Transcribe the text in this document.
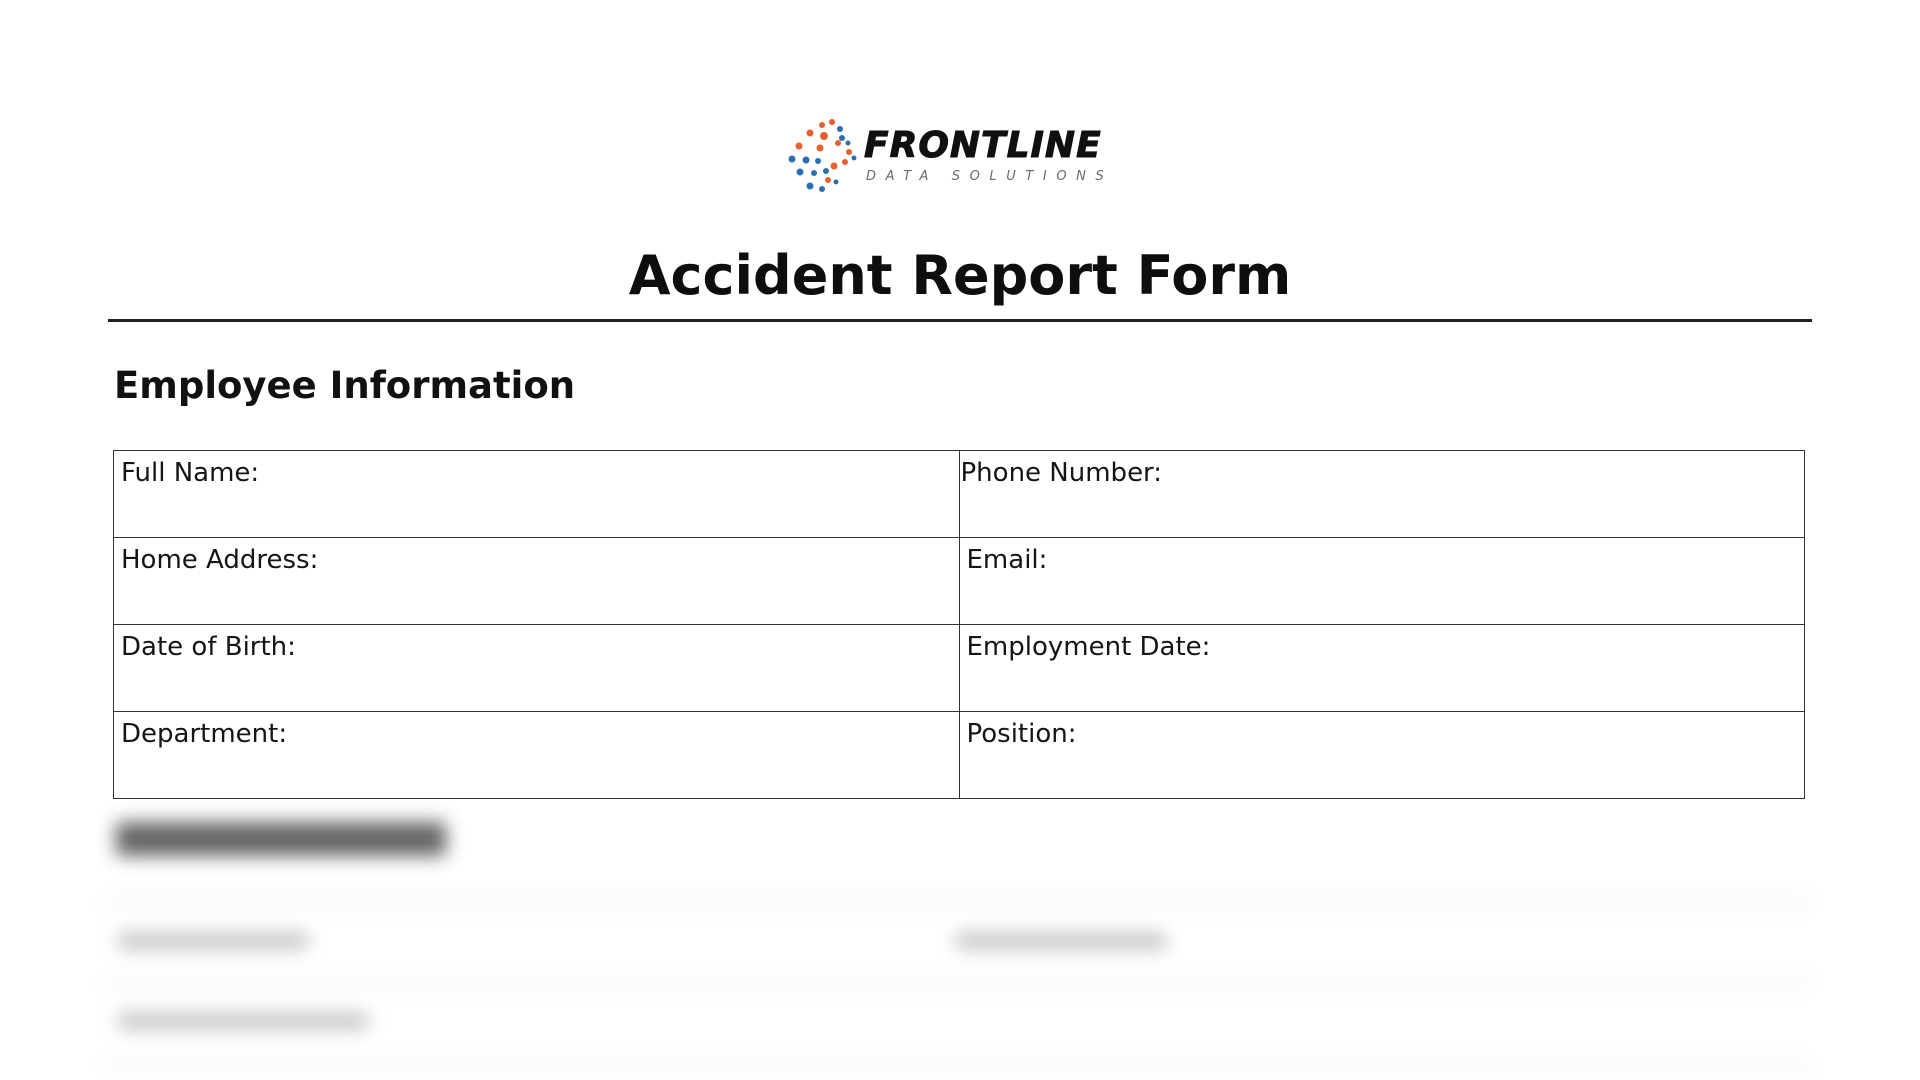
FRONTLINE
DATA SOLUTIONS
Accident Report Form
Employee Information
Full Name:	Phone Number:
Home Address:	Email:
Date of Birth:	Employment Date:
Department:	Position:
